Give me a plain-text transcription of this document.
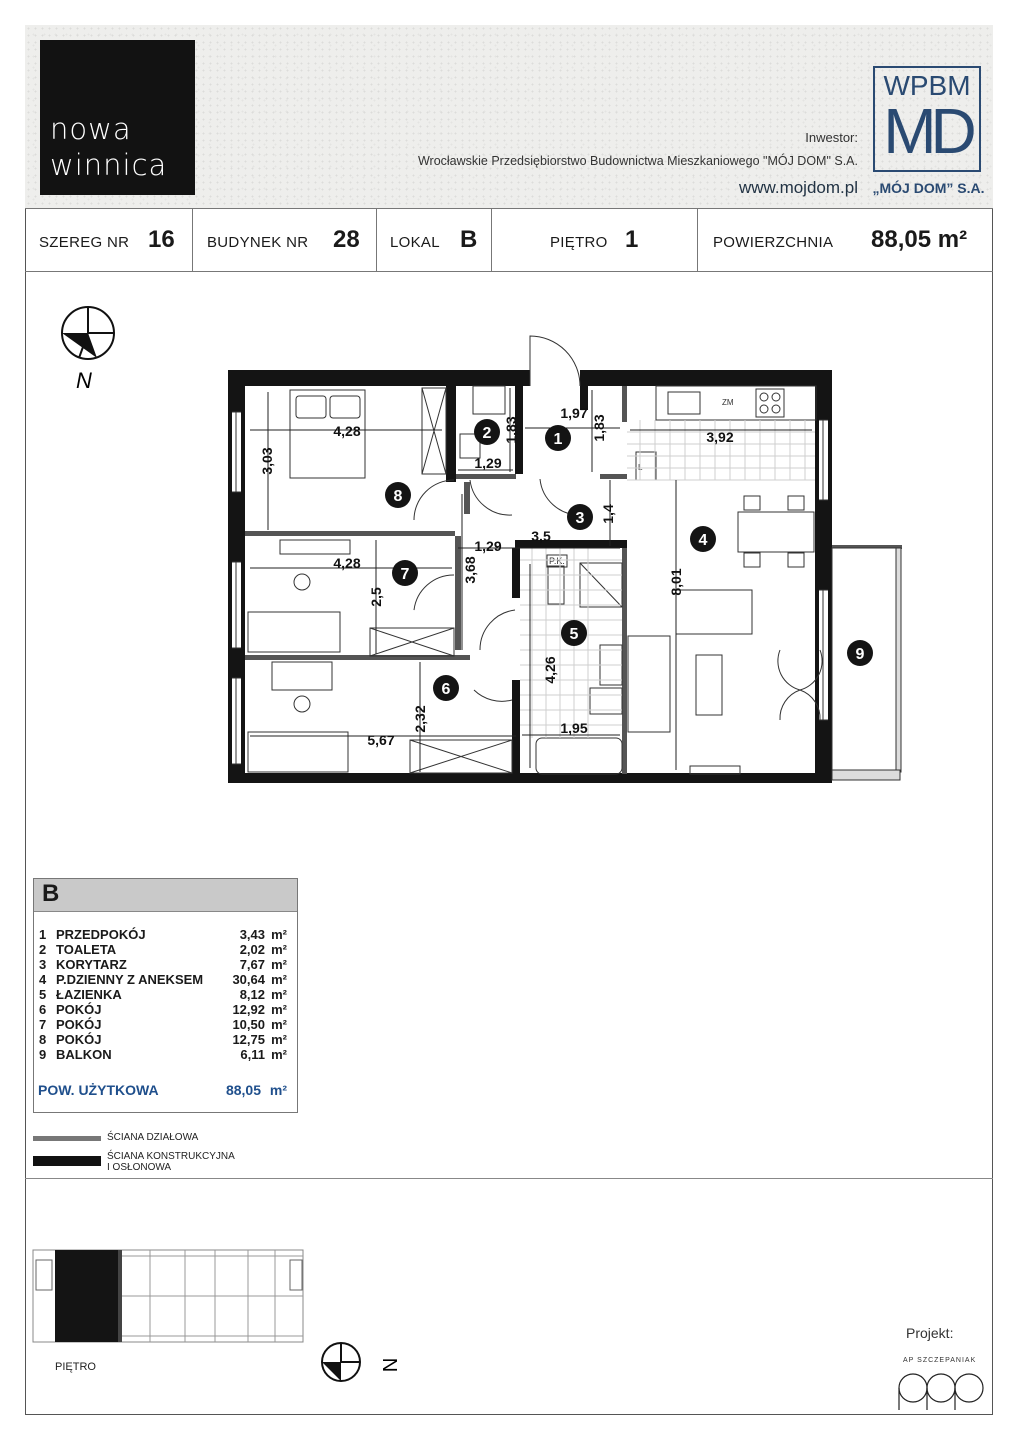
nowa
winnica
Inwestor:
Wrocławskie Przedsiębiorstwo Budownictwa Mieszkaniowego "MÓJ DOM" S.A.
www.mojdom.pl
WPBM
MD
„MÓJ DOM” S.A.
SZEREG NR 16 BUDYNEK NR 28 LOKAL B	PIĘTRO 1	POWIERZCHNIA 88,05 m²
N
ZM
P.K.
4,28
3,03
1,83
1,29
1,97
1,83	3,92
3,5
1,4
1,29
4,28
2,5
3,68	8,01
4,26
2,32
5,67
1,95
1
2
3
4
5
6
7
8
9
N
B
1 PRZEDPOKÓJ	3,43 m²
2 TOALETA	2,02 m²
3 KORYTARZ	7,67 m²
4 P.DZIENNY Z ANEKSEM 30,64 m²
5 ŁAZIENKA	8,12 m²
6 POKÓJ	12,92 m²
7 POKÓJ	10,50 m²
8 POKÓJ	12,75 m²
9 BALKON	6,11 m²
POW. UŻYTKOWA	88,05 m²
ŚCIANA DZIAŁOWA
ŚCIANA KONSTRUKCYJNA
I OSŁONOWA
PIĘTRO
Projekt:
AP SZCZEPANIAK
